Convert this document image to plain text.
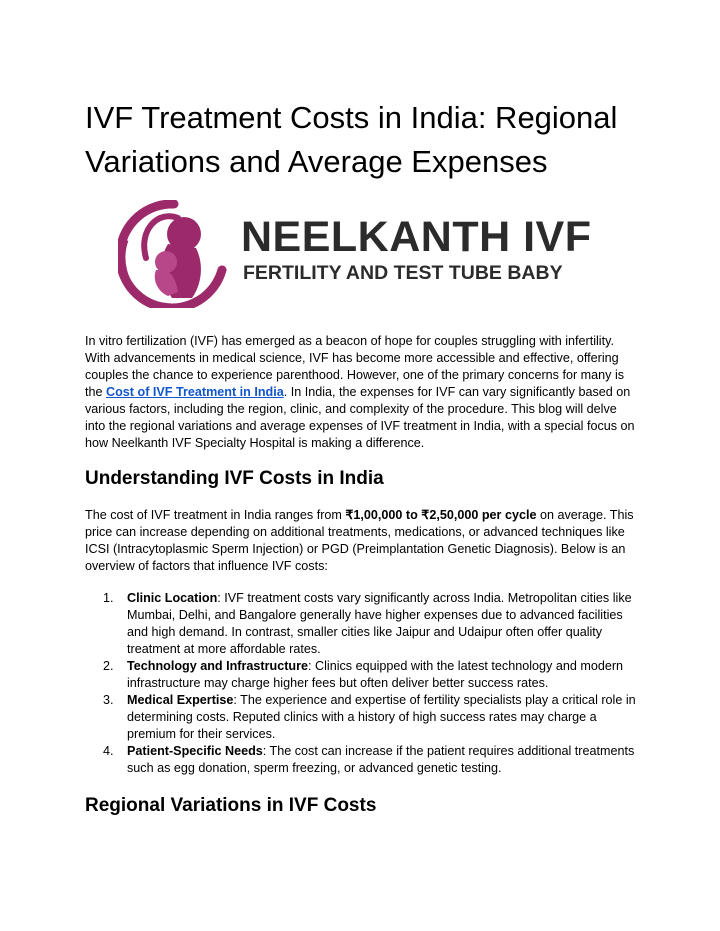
IVF Treatment Costs in India: Regional Variations and Average Expenses
NEELKANTH IVF
FERTILITY AND TEST TUBE BABY

In vitro fertilization (IVF) has emerged as a beacon of hope for couples struggling with infertility. With advancements in medical science, IVF has become more accessible and effective, offering couples the chance to experience parenthood. However, one of the primary concerns for many is the Cost of IVF Treatment in India. In India, the expenses for IVF can vary significantly based on various factors, including the region, clinic, and complexity of the procedure. This blog will delve into the regional variations and average expenses of IVF treatment in India, with a special focus on how Neelkanth IVF Specialty Hospital is making a difference.

Understanding IVF Costs in India

The cost of IVF treatment in India ranges from ₹1,00,000 to ₹2,50,000 per cycle on average. This price can increase depending on additional treatments, medications, or advanced techniques like ICSI (Intracytoplasmic Sperm Injection) or PGD (Preimplantation Genetic Diagnosis). Below is an overview of factors that influence IVF costs:

1. Clinic Location: IVF treatment costs vary significantly across India. Metropolitan cities like Mumbai, Delhi, and Bangalore generally have higher expenses due to advanced facilities and high demand. In contrast, smaller cities like Jaipur and Udaipur often offer quality treatment at more affordable rates.
2. Technology and Infrastructure: Clinics equipped with the latest technology and modern infrastructure may charge higher fees but often deliver better success rates.
3. Medical Expertise: The experience and expertise of fertility specialists play a critical role in determining costs. Reputed clinics with a history of high success rates may charge a premium for their services.
4. Patient-Specific Needs: The cost can increase if the patient requires additional treatments such as egg donation, sperm freezing, or advanced genetic testing.
Regional Variations in IVF Costs
